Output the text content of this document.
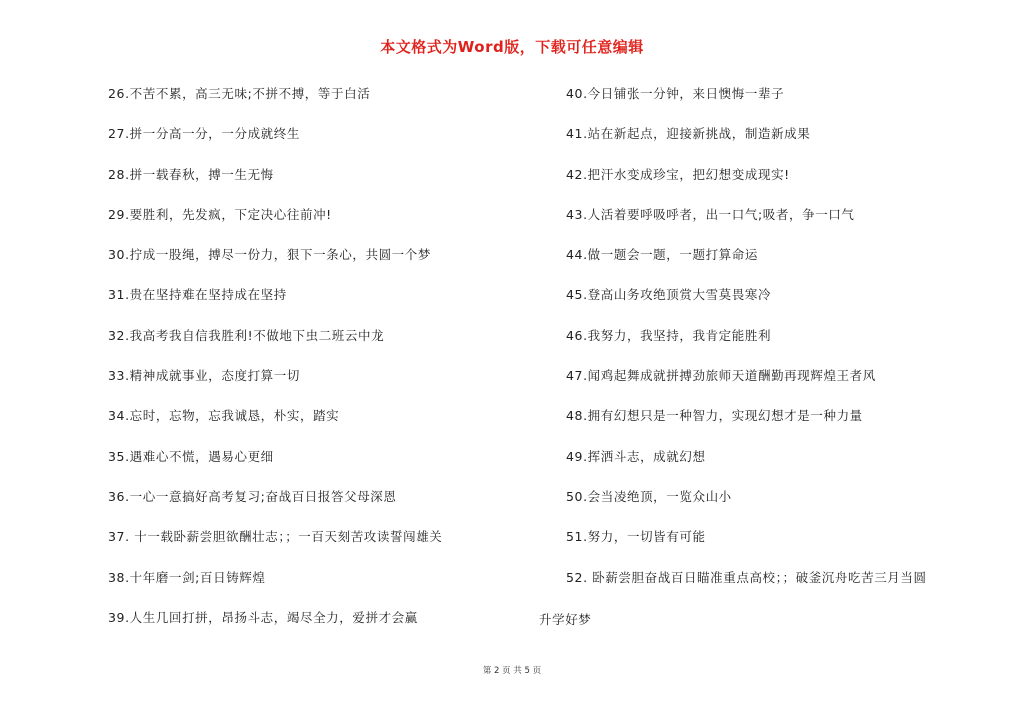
本文格式为Word版，下载可任意编辑
26.不苦不累，高三无味;不拼不搏，等于白活
27.拼一分高一分，一分成就终生
28.拼一载春秋，搏一生无悔
29.要胜利，先发疯，下定决心往前冲!
30.拧成一股绳，搏尽一份力，狠下一条心，共圆一个梦
31.贵在坚持难在坚持成在坚持
32.我高考我自信我胜利!不做地下虫二班云中龙
33.精神成就事业，态度打算一切
34.忘时，忘物，忘我诚恳，朴实，踏实
35.遇难心不慌，遇易心更细
36.一心一意搞好高考复习;奋战百日报答父母深恩
37. 十一载卧薪尝胆欲酬壮志；；一百天刻苦攻读誓闯雄关
38.十年磨一剑;百日铸辉煌
39.人生几回打拼，昂扬斗志，竭尽全力，爱拼才会赢
40.今日铺张一分钟，来日懊悔一辈子
41.站在新起点，迎接新挑战，制造新成果
42.把汗水变成珍宝，把幻想变成现实!
43.人活着要呼吸呼者，出一口气;吸者，争一口气
44.做一题会一题，一题打算命运
45.登高山务攻绝顶赏大雪莫畏寒冷
46.我努力，我坚持，我肯定能胜利
47.闻鸡起舞成就拼搏劲旅师天道酬勤再现辉煌王者风
48.拥有幻想只是一种智力，实现幻想才是一种力量
49.挥洒斗志，成就幻想
50.会当凌绝顶，一览众山小
51.努力，一切皆有可能
52. 卧薪尝胆奋战百日瞄准重点高校；；破釜沉舟吃苦三月当圆
升学好梦
第 2 页 共 5 页
